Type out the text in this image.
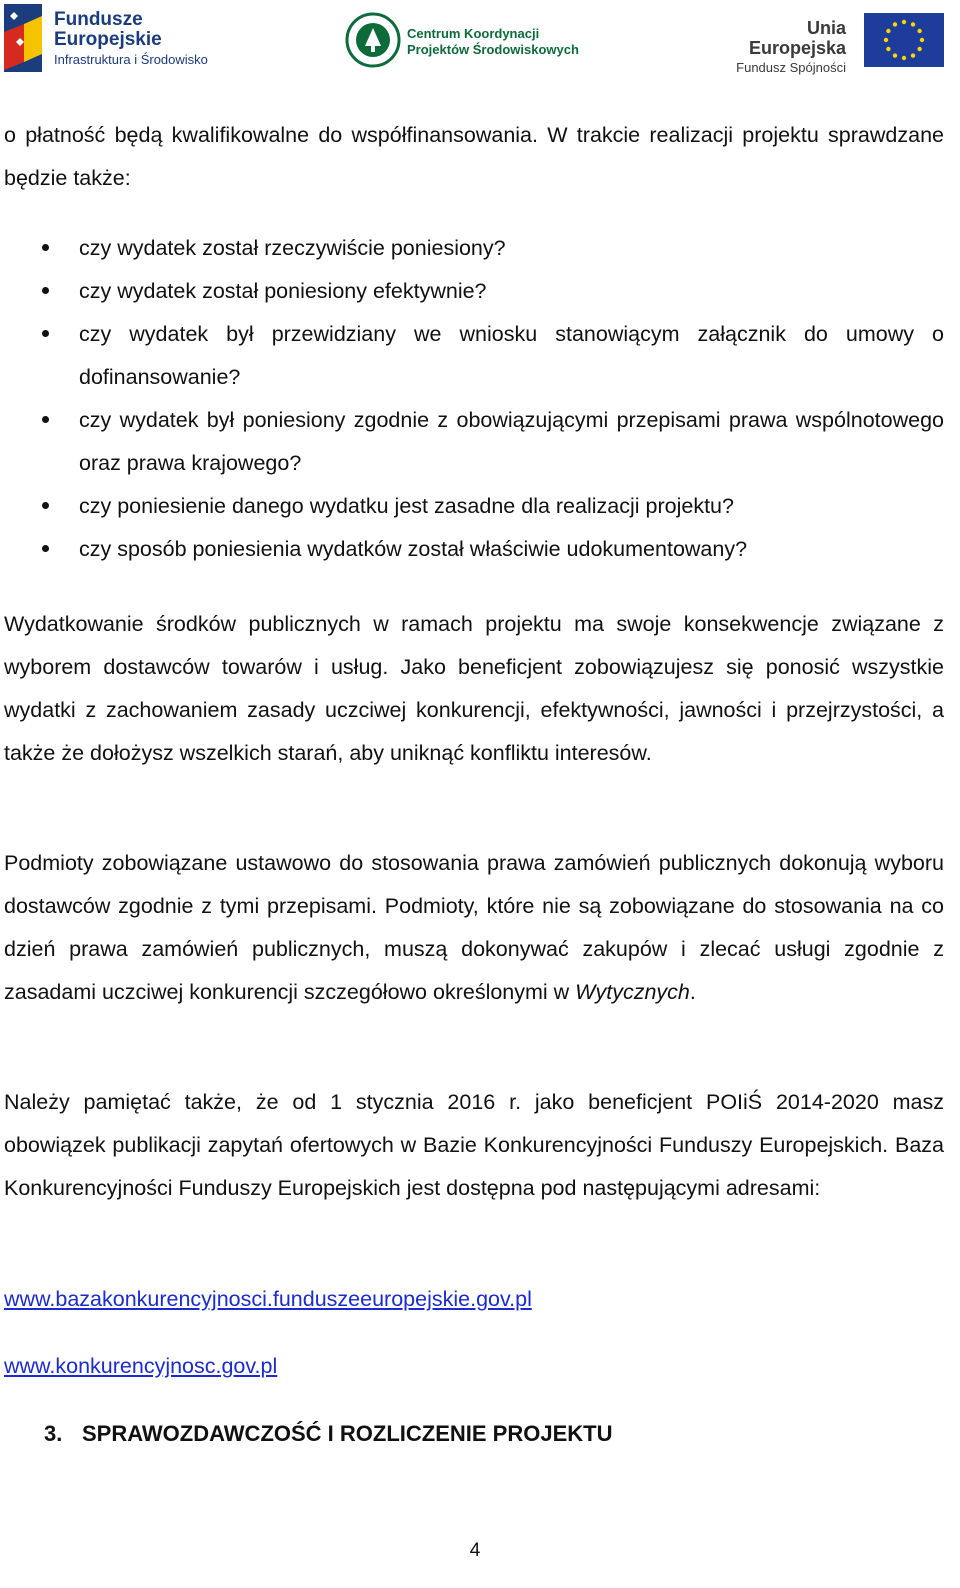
Fundusze
Europejskie
Infrastruktura i Środowisko
Centrum Koordynacji
Projektów Środowiskowych
Unia Europejska
Fundusz Spójności

o płatność będą kwalifikowalne do współfinansowania. W trakcie realizacji projektu sprawdzane będzie także:

czy wydatek został rzeczywiście poniesiony?
czy wydatek został poniesiony efektywnie?
czy wydatek był przewidziany we wniosku stanowiącym załącznik do umowy o dofinansowanie?
czy wydatek był poniesiony zgodnie z obowiązującymi przepisami prawa wspólnotowego oraz prawa krajowego?
czy poniesienie danego wydatku jest zasadne dla realizacji projektu?
czy sposób poniesienia wydatków został właściwie udokumentowany?

Wydatkowanie środków publicznych w ramach projektu ma swoje konsekwencje związane z wyborem dostawców towarów i usług. Jako beneficjent zobowiązujesz się ponosić wszystkie wydatki z zachowaniem zasady uczciwej konkurencji, efektywności, jawności i przejrzystości, a także że dołożysz wszelkich starań, aby uniknąć konfliktu interesów.

Podmioty zobowiązane ustawowo do stosowania prawa zamówień publicznych dokonują wyboru dostawców zgodnie z tymi przepisami. Podmioty, które nie są zobowiązane do stosowania na co dzień prawa zamówień publicznych, muszą dokonywać zakupów i zlecać usługi zgodnie z zasadami uczciwej konkurencji szczegółowo określonymi w Wytycznych.

Należy pamiętać także, że od 1 stycznia 2016 r. jako beneficjent POIiŚ 2014-2020 masz obowiązek publikacji zapytań ofertowych w Bazie Konkurencyjności Funduszy Europejskich. Baza Konkurencyjności Funduszy Europejskich jest dostępna pod następującymi adresami:

www.bazakonkurencyjnosci.funduszeeuropejskie.gov.pl
www.konkurencyjnosc.gov.pl
3. SPRAWOZDAWCZOŚĆ I ROZLICZENIE PROJEKTU
4
